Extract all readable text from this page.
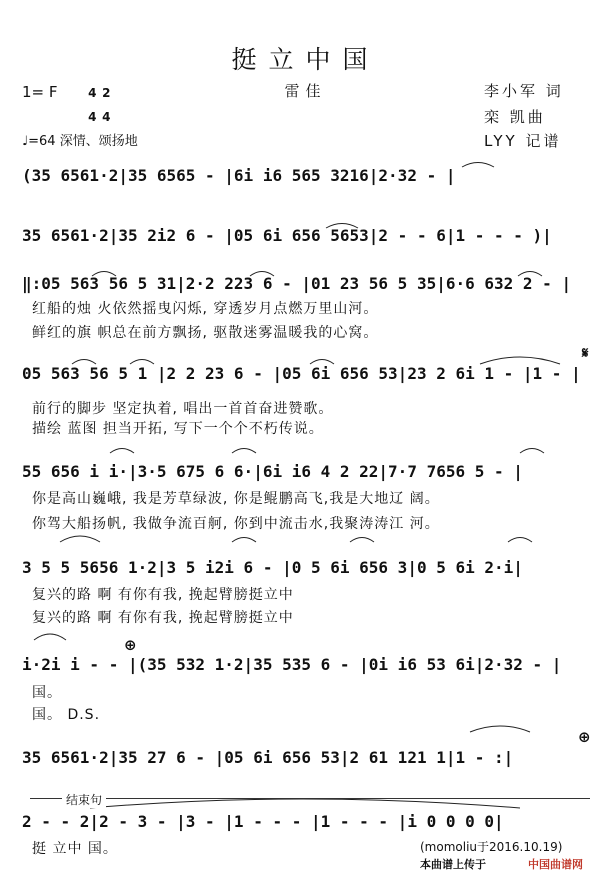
挺立中国
1= F	4 2

4 4

雷佳	李小军 词
栾 凯曲
LYY 记谱
♩=64 深情、颂扬地
(35 6561·2|35 6565 - |6i i6 565 3216|2·32 - |
35 6561·2|35 2i2 6 - |05 6i 656 5653|2 - - 6|1 - - - )|
‖:05 563 56 5 31|2·2 223 6 - |01 23 56 5 35|6·6 632 2 - |
红船的烛 火依然摇曳闪烁, 穿透岁月点燃万里山河。
鲜红的旗 帜总在前方飘扬, 驱散迷雾温暖我的心窝。
05 563 56 5 1 |2 2 23 6 - |05 6i 656 53|23 2 6i 1 - |1 - |
𝄋
前行的脚步 坚定执着, 唱出一首首奋进赞歌。
描绘 蓝图 担当开拓, 写下一个个不朽传说。
55 656 i i·|3·5 675 6 6·|6i i6 4 2 22|7·7 7656 5 - |
你是高山巍峨, 我是芳草绿波, 你是鲲鹏高飞,我是大地辽 阔。
你驾大船扬帆, 我做争流百舸, 你到中流击水,我聚涛涛江 河。
3 5 5 5656 1·2|3 5 i2i 6 - |0 5 6i 656 3|0 5 6i 2·i|
复兴的路 啊 有你有我, 挽起臂膀挺立中
复兴的路 啊 有你有我, 挽起臂膀挺立中
⊕
i·2i i - - |(35 532 1·2|35 535 6 - |0i i6 53 6i|2·32 - |
国。
国。 D.S.
⊕
35 6561·2|35 27 6 - |05 6i 656 53|2 61 121 1|1 - :|
结束句
2 - - 2|2 - 3 - |3 - |1 - - - |1 - - - |i 0 0 0 0|
挺 立中 国。	(momoliu于2016.10.19)
本曲谱上传于	中国曲谱网
